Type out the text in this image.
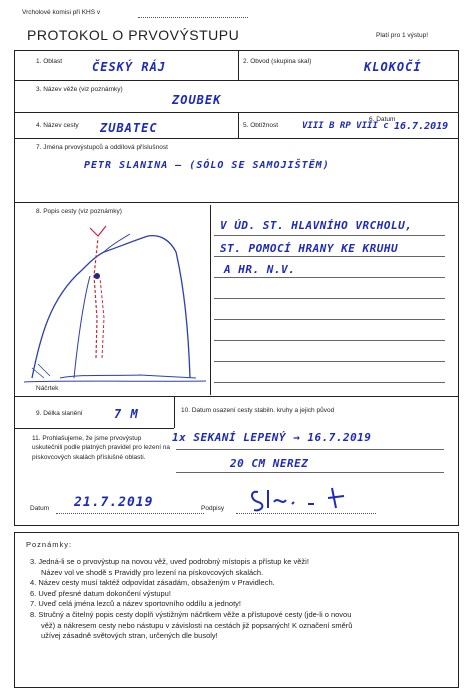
Vrcholové komisi při KHS v
PROTOKOL O PRVOVÝSTUPU	Platí pro 1 výstup!
1. Oblast ČESKÝ RÁJ	2. Obvod (skupina skal)	KLOKOČÍ
3. Název věže (viz poznámky)
ZOUBEK
4. Název cesty ZUBATEC	5. Obtížnost	VIII B RP VIII c
6. Datum
16.7.2019
7. Jména prvovýstupců a oddílová příslušnost
PETR SLANINA – (SÓLO SE SAMOJIŠTĚM)
8. Popis cesty (viz poznámky)
Náčrtek
V ÚD. ST. HLAVNÍHO VRCHOLU,
ST. POMOCÍ HRANY KE KRUHU
A HR. N.V.
9. Délka slanění	7 M	10. Datum osazení cesty stabiln. kruhy a jejich původ
1x SEKANÍ LEPENÝ → 16.7.2019
20 CM NEREZ
11. Prohlašujeme, že jsme prvovýstup uskutečnili podle platných pravidel pro lezení na pískovcových skalách příslušné oblasti.
Datum 21.7.2019	Podpisy
Poznámky:

3. Jedná-li se o prvovýstup na novou věž, uveď podrobný místopis a přístup ke věži!

Název vol ve shodě s Pravidly pro lezení na pískovcových skalách.

4. Název cesty musí taktéž odpovídat zásadám, obsaženým v Pravidlech.

6. Uveď přesné datum dokončení výstupu!

7. Uveď celá jména lezců a název sportovního oddílu a jednoty!

8. Stručný a čitelný popis cesty doplň výstižným náčrtkem věže a přístupové cesty (jde-li o novou

věž) a nákresem cesty nebo nástupu v závislosti na cestách již popsaných! K označení směrů

užívej zásadně světových stran, určených dle busoly!
